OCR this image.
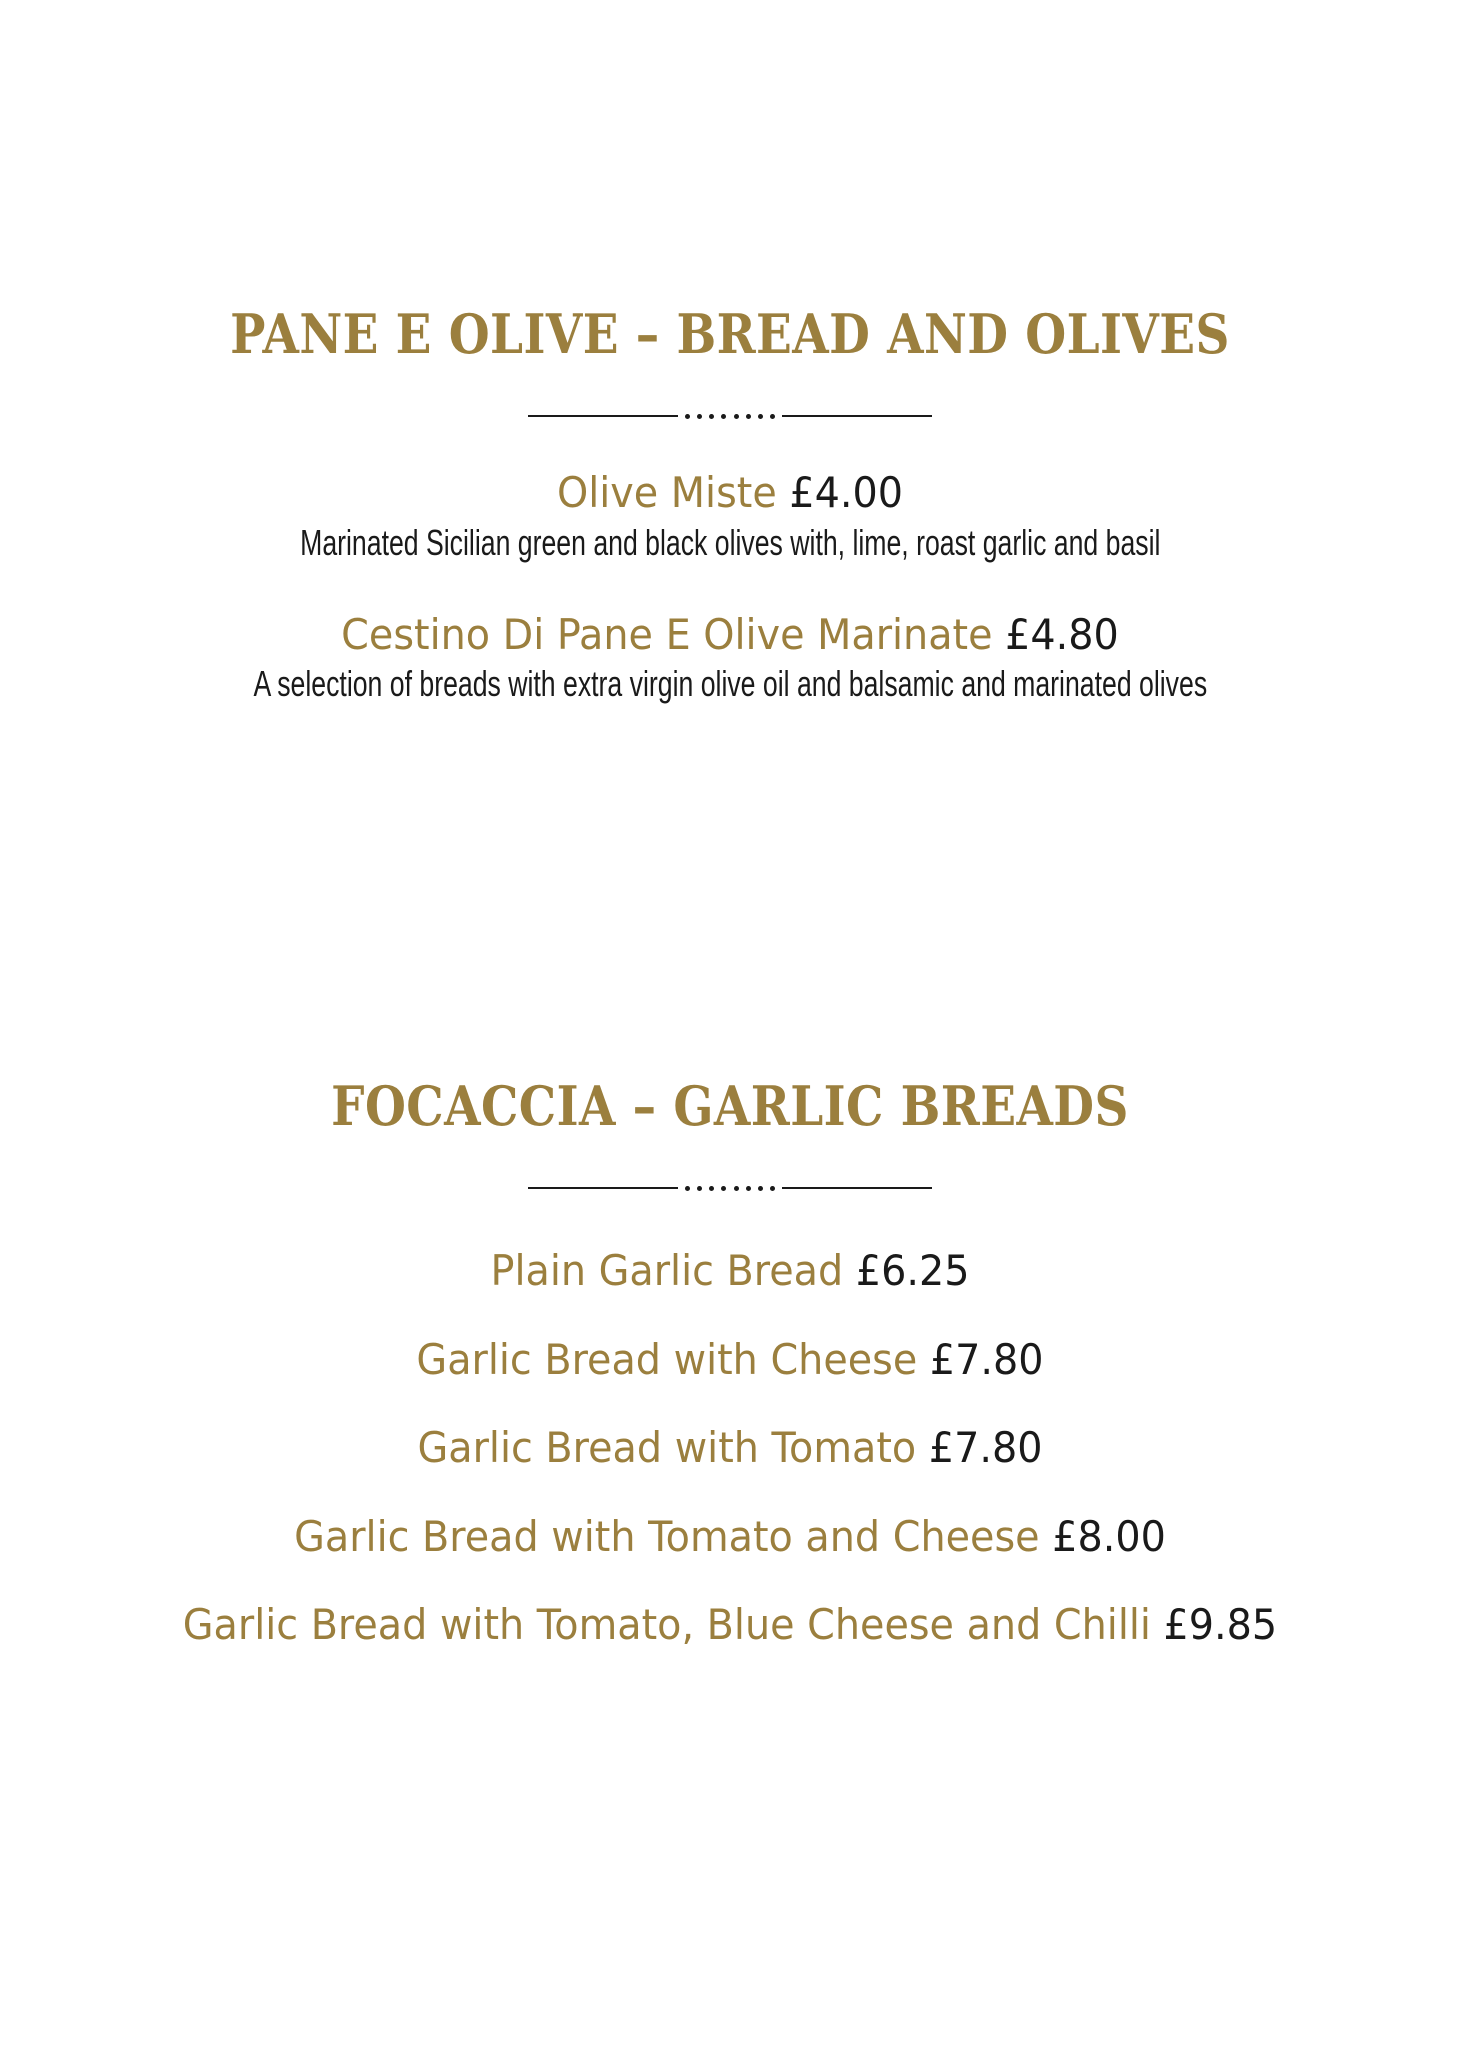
PANE E OLIVE – BREAD AND OLIVES
Olive Miste £4.00
Marinated Sicilian green and black olives with, lime, roast garlic and basil
Cestino Di Pane E Olive Marinate £4.80
A selection of breads with extra virgin olive oil and balsamic and marinated olives
FOCACCIA – GARLIC BREADS
Plain Garlic Bread £6.25
Garlic Bread with Cheese £7.80
Garlic Bread with Tomato £7.80
Garlic Bread with Tomato and Cheese £8.00
Garlic Bread with Tomato, Blue Cheese and Chilli £9.85
